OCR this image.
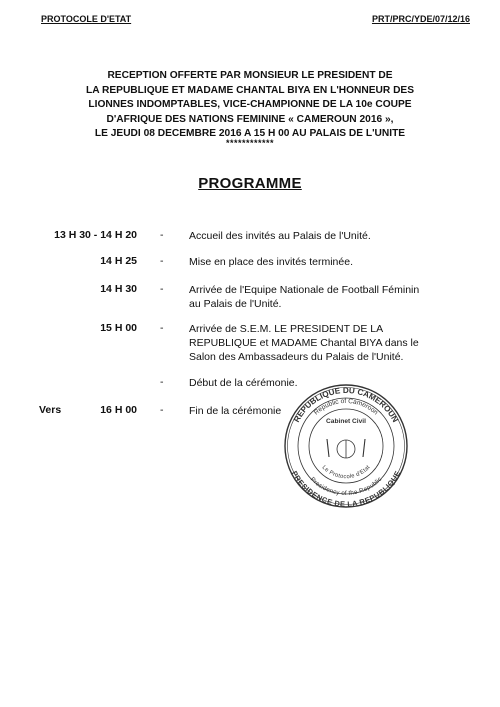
PROTOCOLE D'ETAT	PRT/PRC/YDE/07/12/16
RECEPTION OFFERTE PAR MONSIEUR LE PRESIDENT DE
LA REPUBLIQUE ET MADAME CHANTAL BIYA EN L'HONNEUR DES
LIONNES INDOMPTABLES, VICE-CHAMPIONNE DE LA 10e COUPE
D'AFRIQUE DES NATIONS FEMININE « CAMEROUN 2016 »,
LE JEUDI 08 DECEMBRE 2016 A 15 H 00 AU PALAIS DE L'UNITE
************
PROGRAMME
13 H 30 - 14 H 20 - Accueil des invités au Palais de l'Unité.
14 H 25 - Mise en place des invités terminée.
14 H 30 - Arrivée de l'Equipe Nationale de Football Féminin
au Palais de l'Unité.
15 H 00 - Arrivée de S.E.M. LE PRESIDENT DE LA
REPUBLIQUE et MADAME Chantal BIYA dans le
Salon des Ambassadeurs du Palais de l'Unité.
- Début de la cérémonie.
Vers	16 H 00 - Fin de la cérémonie
REPUBLIQUE DU CAMEROUN
PRESIDENCE DE LA REPUBLIQUE
Republic of Cameroon
Presidency of the Republic
Cabinet Civil
Le Protocole d'Etat
